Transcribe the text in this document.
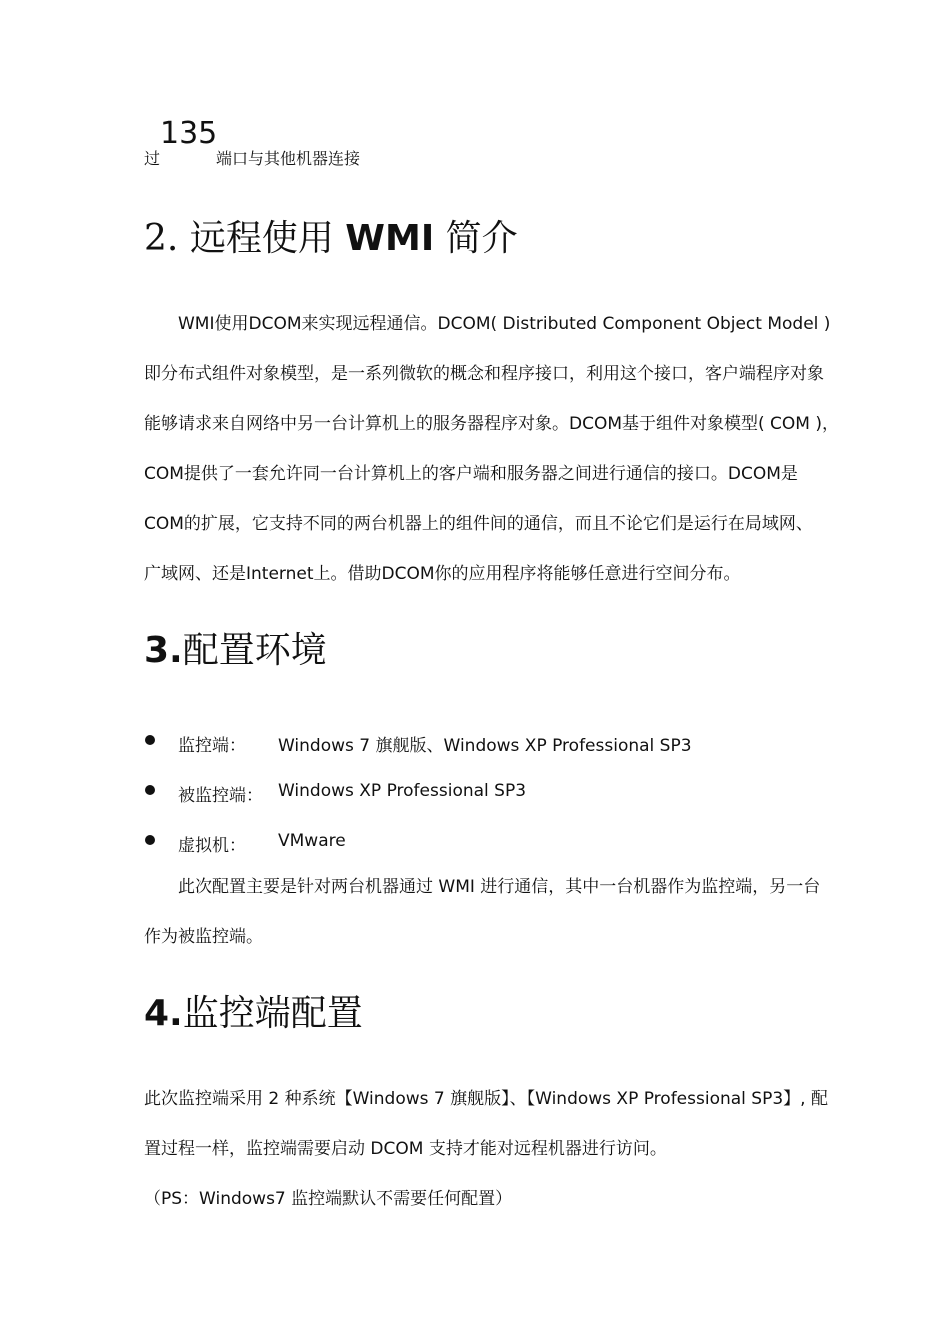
过
135
端口与其他机器连接
2. 远程使用 WMI 简介
WMI使用DCOM来实现远程通信。DCOM( Distributed Component Object Model )
即分布式组件对象模型，是一系列微软的概念和程序接口，利用这个接口，客户端程序对象
能够请求来自网络中另一台计算机上的服务器程序对象。DCOM基于组件对象模型( COM )，
COM提供了一套允许同一台计算机上的客户端和服务器之间进行通信的接口。DCOM是
COM的扩展，它支持不同的两台机器上的组件间的通信，而且不论它们是运行在局域网、
广域网、还是Internet上。借助DCOM你的应用程序将能够任意进行空间分布。
3.配置环境
监控端： Windows 7 旗舰版、Windows XP Professional SP3
被监控端： Windows XP Professional SP3
虚拟机： VMware
此次配置主要是针对两台机器通过 WMI 进行通信，其中一台机器作为监控端，另一台
作为被监控端。
4.监控端配置
此次监控端采用 2 种系统【Windows 7 旗舰版】、【Windows XP Professional SP3】, 配
置过程一样，监控端需要启动 DCOM 支持才能对远程机器进行访问。
（PS：Windows7 监控端默认不需要任何配置）
